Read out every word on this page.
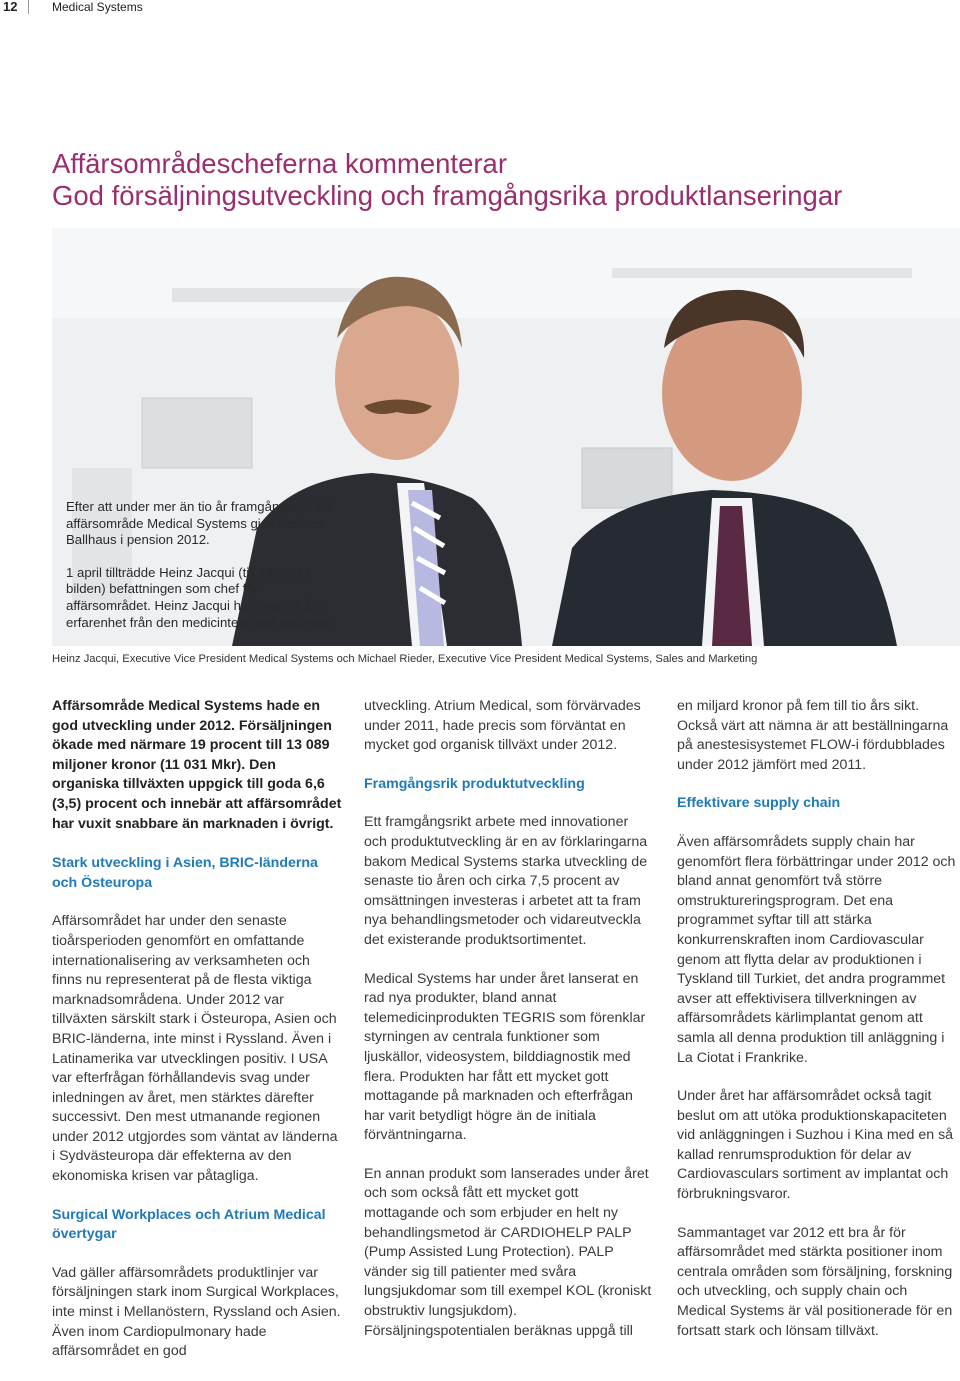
12	Medical Systems
Affärsområdescheferna kommenterar
God försäljningsutveckling och framgångsrika produktlanseringar

Efter att under mer än tio år framgångsrikt lett affärsområde Medical Systems gick Heribert Ballhaus i pension 2012.

1 april tillträdde Heinz Jacqui (till vänster i bilden) befattningen som chef för affärsområdet. Heinz Jacqui har över 25 års erfarenhet från den medicintekniska industrin.

Heinz Jacqui, Executive Vice President Medical Systems och Michael Rieder, Executive Vice President Medical Systems, Sales and Marketing

Affärsområde Medical Systems hade en god utveckling under 2012. Försäljningen ökade med närmare 19 procent till 13 089 miljoner kronor (11 031 Mkr). Den organiska tillväxten uppgick till goda 6,6 (3,5) procent och innebär att affärsområdet har vuxit snabbare än marknaden i övrigt.

Stark utveckling i Asien, BRIC-länderna och Östeuropa

Affärsområdet har under den senaste tioårsperioden genomfört en omfattande internationalisering av verksamheten och finns nu representerat på de flesta viktiga marknadsområdena. Under 2012 var tillväxten särskilt stark i Östeuropa, Asien och BRIC-länderna, inte minst i Ryssland. Även i Latinamerika var utvecklingen positiv. I USA var efterfrågan förhållandevis svag under inledningen av året, men stärktes därefter successivt. Den mest utmanande regionen under 2012 utgjordes som väntat av länderna i Sydvästeuropa där effekterna av den ekonomiska krisen var påtagliga.

Surgical Workplaces och Atrium Medical övertygar

Vad gäller affärsområdets produktlinjer var försäljningen stark inom Surgical Workplaces, inte minst i Mellanöstern, Ryssland och Asien. Även inom Cardiopulmonary hade affärsområdet en god

utveckling. Atrium Medical, som förvärvades under 2011, hade precis som förväntat en mycket god organisk tillväxt under 2012.

Framgångsrik produktutveckling

Ett framgångsrikt arbete med innovationer och produktutveckling är en av förklaringarna bakom Medical Systems starka utveckling de senaste tio åren och cirka 7,5 procent av omsättningen investeras i arbetet att ta fram nya behandlingsmetoder och vidareutveckla det existerande produktsortimentet.

Medical Systems har under året lanserat en rad nya produkter, bland annat telemedicinprodukten TEGRIS som förenklar styrningen av centrala funktioner som ljuskällor, videosystem, bilddiagnostik med flera. Produkten har fått ett mycket gott mottagande på marknaden och efterfrågan har varit betydligt högre än de initiala förväntningarna.

En annan produkt som lanserades under året och som också fått ett mycket gott mottagande och som erbjuder en helt ny behandlingsmetod är CARDIOHELP PALP (Pump Assisted Lung Protection). PALP vänder sig till patienter med svåra lungsjukdomar som till exempel KOL (kroniskt obstruktiv lungsjukdom). Försäljningspotentialen beräknas uppgå till

en miljard kronor på fem till tio års sikt. Också värt att nämna är att beställningarna på anestesisystemet FLOW-i fördubblades under 2012 jämfört med 2011.

Effektivare supply chain

Även affärsområdets supply chain har genomfört flera förbättringar under 2012 och bland annat genomfört två större omstruktureringsprogram. Det ena programmet syftar till att stärka konkurrenskraften inom Cardiovascular genom att flytta delar av produktionen i Tyskland till Turkiet, det andra programmet avser att effektivisera tillverkningen av affärsområdets kärlimplantat genom att samla all denna produktion till anläggning i La Ciotat i Frankrike.

Under året har affärsområdet också tagit beslut om att utöka produktionskapaciteten vid anläggningen i Suzhou i Kina med en så kallad renrumsproduktion för delar av Cardiovasculars sortiment av implantat och förbrukningsvaror.

Sammantaget var 2012 ett bra år för affärsområdet med stärkta positioner inom centrala områden som försäljning, forskning och utveckling, och supply chain och Medical Systems är väl positionerade för en fortsatt stark och lönsam tillväxt.
